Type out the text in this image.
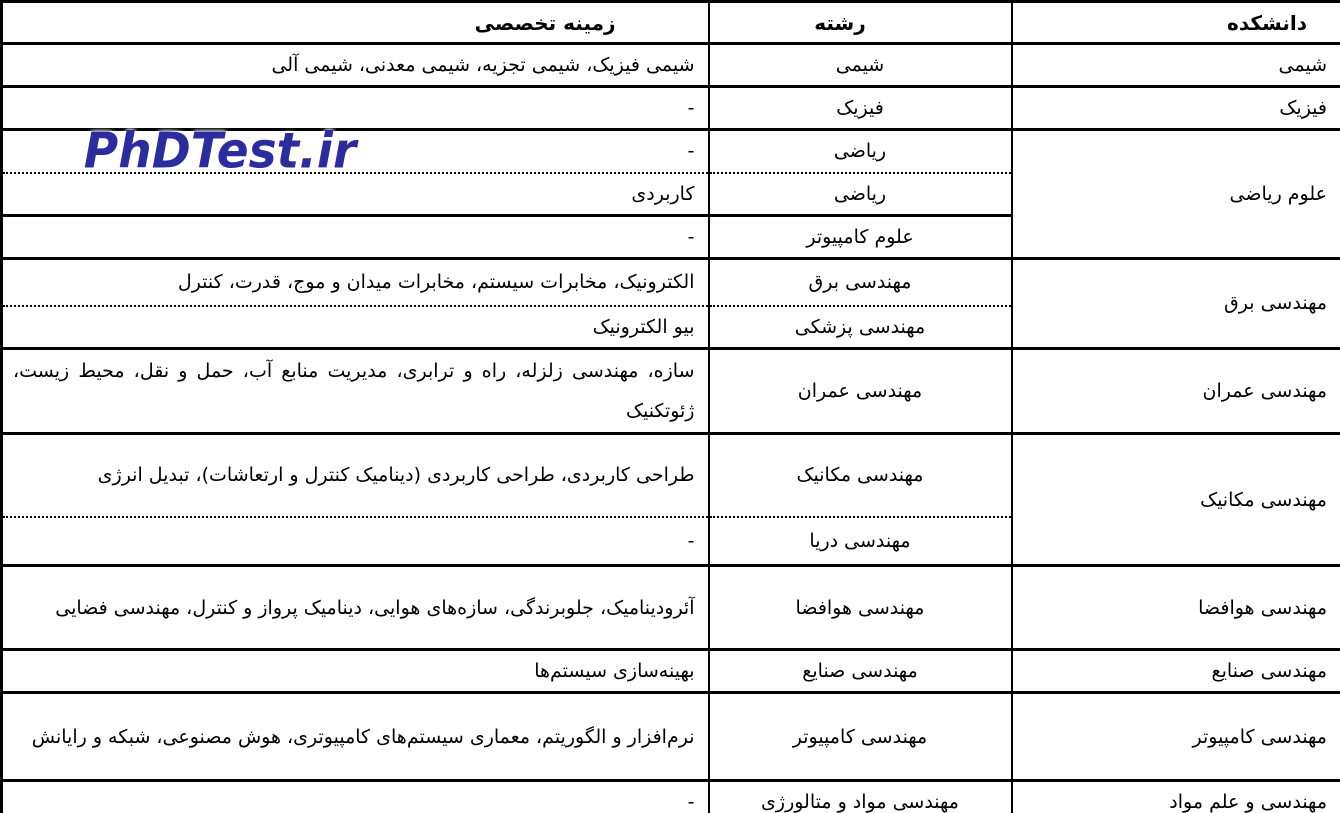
دانشکده	رشته	زمینه تخصصی
شیمی	شیمی	شیمی فیزیک، شیمی تجزیه، شیمی معدنی، شیمی آلی
فیزیک	فیزیک	-
علوم ریاضی	ریاضی	-
	ریاضی	کاربردی
	علوم کامپیوتر	-
مهندسی برق	مهندسی برق	الکترونیک، مخابرات سیستم، مخابرات میدان و موج، قدرت، کنترل
	مهندسی پزشکی	بیو الکترونیک
مهندسی عمران	مهندسی عمران	سازه، مهندسی زلزله، راه و ترابری، مدیریت منابع آب، حمل و نقل، محیط زیست، ژئوتکنیک
مهندسی مکانیک	مهندسی مکانیک	طراحی کاربردی، طراحی کاربردی (دینامیک کنترل و ارتعاشات)، تبدیل انرژی
	مهندسی دریا	-
مهندسی هوافضا	مهندسی هوافضا	آئرودینامیک، جلوبرندگی، سازه‌های هوایی، دینامیک پرواز و کنترل، مهندسی فضایی
مهندسی صنایع	مهندسی صنایع	بهینه‌سازی سیستم‌ها
مهندسی کامپیوتر	مهندسی کامپیوتر	نرم‌افزار و الگوریتم، معماری سیستم‌های کامپیوتری، هوش مصنوعی، شبکه و رایانش
مهندسی و علم مواد	مهندسی مواد و متالورژی	-
PhDTest.ir
